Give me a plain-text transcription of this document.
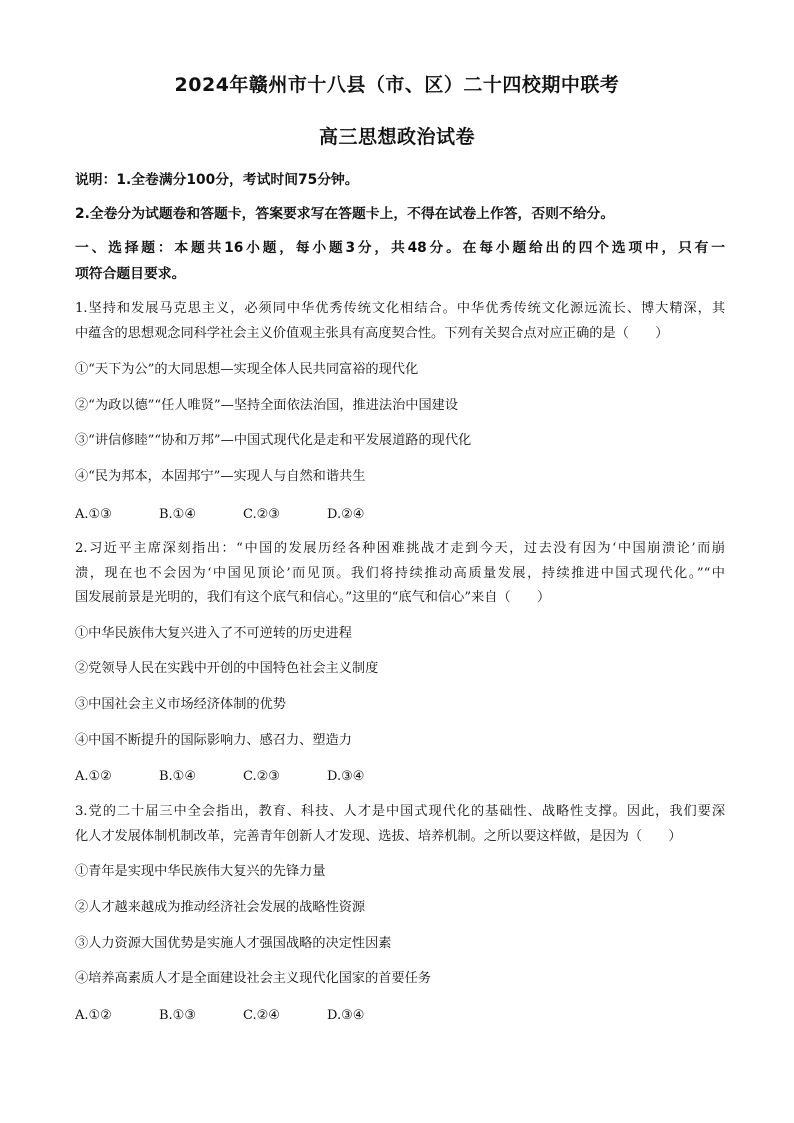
2024年赣州市十八县（市、区）二十四校期中联考
高三思想政治试卷
说明：1.全卷满分100分，考试时间75分钟。
2.全卷分为试题卷和答题卡，答案要求写在答题卡上，不得在试卷上作答，否则不给分。
一、选择题：本题共16小题，每小题3分，共48分。在每小题给出的四个选项中，只有一
项符合题目要求。
1.坚持和发展马克思主义，必须同中华优秀传统文化相结合。中华优秀传统文化源远流长、博大精深，其
中蕴含的思想观念同科学社会主义价值观主张具有高度契合性。下列有关契合点对应正确的是（　　）
①“天下为公”的大同思想—实现全体人民共同富裕的现代化
②“为政以德”“任人唯贤”—坚持全面依法治国，推进法治中国建设
③“讲信修睦”“协和万邦”—中国式现代化是走和平发展道路的现代化
④“民为邦本，本固邦宁”—实现人与自然和谐共生
A.①③	B.①④	C.②③	D.②④
2.习近平主席深刻指出：“中国的发展历经各种困难挑战才走到今天，过去没有因为‘中国崩溃论’而崩
溃，现在也不会因为‘中国见顶论’而见顶。我们将持续推动高质量发展，持续推进中国式现代化。”“中
国发展前景是光明的，我们有这个底气和信心。”这里的“底气和信心”来自（　　）
①中华民族伟大复兴进入了不可逆转的历史进程
②党领导人民在实践中开创的中国特色社会主义制度
③中国社会主义市场经济体制的优势
④中国不断提升的国际影响力、感召力、塑造力
A.①②	B.①④	C.②③	D.③④
3.党的二十届三中全会指出，教育、科技、人才是中国式现代化的基础性、战略性支撑。因此，我们要深
化人才发展体制机制改革，完善青年创新人才发现、选拔、培养机制。之所以要这样做，是因为（　　）
①青年是实现中华民族伟大复兴的先锋力量
②人才越来越成为推动经济社会发展的战略性资源
③人力资源大国优势是实施人才强国战略的决定性因素
④培养高素质人才是全面建设社会主义现代化国家的首要任务
A.①②	B.①③	C.②④	D.③④
